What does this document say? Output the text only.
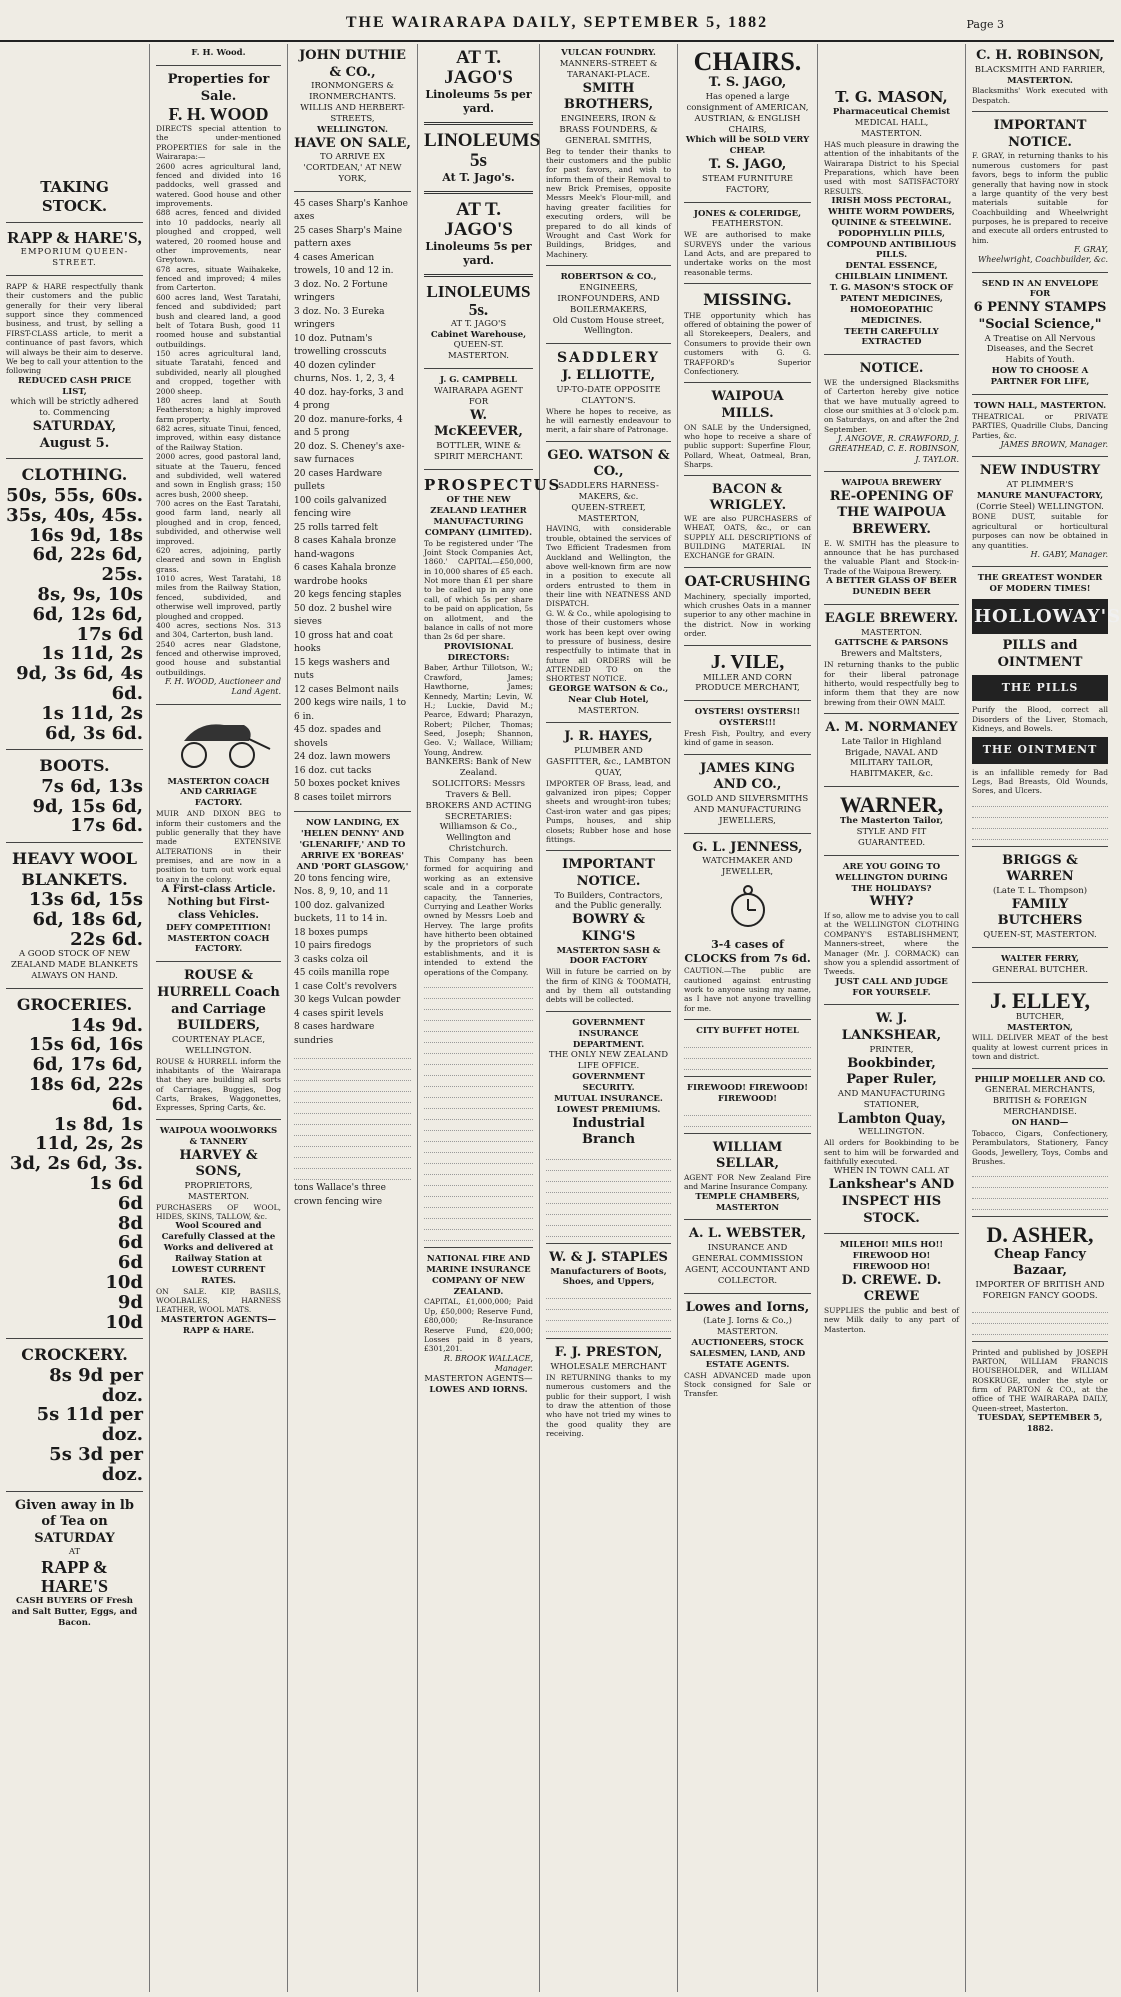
THE WAIRARAPA DAILY, SEPTEMBER 5, 1882	Page 3
TAKING STOCK.
RAPP & HARE'S,
EMPORIUM QUEEN-STREET.
RAPP & HARE respectfully thank their customers and the public generally for their very liberal support since they commenced business, and trust, by selling a FIRST-CLASS article, to merit a continuance of past favors, which will always be their aim to deserve. We beg to call your attention to the following
REDUCED CASH PRICE LIST,
which will be strictly adhered to. Commencing
SATURDAY, August 5.
CLOTHING.
50s, 55s, 60s.
35s, 40s, 45s.
16s 9d, 18s 6d, 22s 6d, 25s.
8s, 9s, 10s 6d, 12s 6d, 17s 6d
1s 11d, 2s 9d, 3s 6d, 4s 6d.
1s 11d, 2s 6d, 3s 6d.
BOOTS.
7s 6d, 13s 9d, 15s 6d, 17s 6d.
HEAVY WOOL BLANKETS.
13s 6d, 15s 6d, 18s 6d, 22s 6d.
A GOOD STOCK OF NEW ZEALAND MADE BLANKETS ALWAYS ON HAND.
GROCERIES.
14s 9d.
15s 6d, 16s 6d, 17s 6d, 18s 6d, 22s 6d.
1s 8d, 1s 11d, 2s, 2s 3d, 2s 6d, 3s.
1s 6d
6d
8d
6d
6d
10d
9d
10d
CROCKERY.
8s 9d per doz.
5s 11d per doz.
5s 3d per doz.
Given away in lb of Tea on SATURDAY
AT
RAPP & HARE'S
CASH BUYERS OF Fresh and Salt Butter, Eggs, and Bacon.
F. H. Wood.
Properties for Sale.
F. H. WOOD
DIRECTS special attention to the under-mentioned PROPERTIES for sale in the Wairarapa:—
2600 acres agricultural land, fenced and divided into 16 paddocks, well grassed and watered. Good house and other improvements.
688 acres, fenced and divided into 10 paddocks, nearly all ploughed and cropped, well watered, 20 roomed house and other improvements, near Greytown.
678 acres, situate Waihakeke, fenced and improved; 4 miles from Carterton.
600 acres land, West Taratahi, fenced and subdivided; part bush and cleared land, a good belt of Totara Bush, good 11 roomed house and substantial outbuildings.
150 acres agricultural land, situate Taratahi, fenced and subdivided, nearly all ploughed and cropped, together with 2000 sheep.
180 acres land at South Featherston; a highly improved farm property.
682 acres, situate Tinui, fenced, improved, within easy distance of the Railway Station.
2000 acres, good pastoral land, situate at the Taueru, fenced and subdivided, well watered and sown in English grass; 150 acres bush, 2000 sheep.
700 acres on the East Taratahi, good farm land, nearly all ploughed and in crop, fenced, subdivided, and otherwise well improved.
620 acres, adjoining, partly cleared and sown in English grass.
1010 acres, West Taratahi, 18 miles from the Railway Station, fenced, subdivided, and otherwise well improved, partly ploughed and cropped.
400 acres, sections Nos. 313 and 304, Carterton, bush land.
2540 acres near Gladstone, fenced and otherwise improved, good house and substantial outbuildings.
F. H. WOOD, Auctioneer and Land Agent.
MASTERTON COACH AND CARRIAGE FACTORY.
MUIR AND DIXON BEG to inform their customers and the public generally that they have made EXTENSIVE ALTERATIONS in their premises, and are now in a position to turn out work equal to any in the colony.
A First-class Article.
Nothing but First-class Vehicles.
DEFY COMPETITION!
MASTERTON COACH FACTORY.
ROUSE & HURRELL Coach and Carriage BUILDERS,
COURTENAY PLACE, WELLINGTON.
ROUSE & HURRELL inform the inhabitants of the Wairarapa that they are building all sorts of Carriages, Buggies, Dog Carts, Brakes, Waggonettes, Expresses, Spring Carts, &c.
WAIPOUA WOOLWORKS & TANNERY
HARVEY & SONS,
PROPRIETORS, MASTERTON.
PURCHASERS OF WOOL, HIDES, SKINS, TALLOW, &c.
Wool Scoured and Carefully Classed at the Works and delivered at Railway Station at LOWEST CURRENT RATES.
ON SALE. KIP, BASILS, WOOLBALES, HARNESS LEATHER, WOOL MATS.
MASTERTON AGENTS—RAPP & HARE.
JOHN DUTHIE & CO.,
IRONMONGERS & IRONMERCHANTS.
WILLIS AND HERBERT-STREETS,
WELLINGTON.
HAVE ON SALE,
TO ARRIVE EX 'CORTDEAN,' AT NEW YORK,
45 cases Sharp's Kanhoe axes
25 cases Sharp's Maine pattern axes
4 cases American trowels, 10 and 12 in.
3 doz. No. 2 Fortune wringers
3 doz. No. 3 Eureka wringers
10 doz. Putnam's trowelling crosscuts
40 dozen cylinder churns, Nos. 1, 2, 3, 4
40 doz. hay-forks, 3 and 4 prong
20 doz. manure-forks, 4 and 5 prong
20 doz. S. Cheney's axe-saw furnaces
20 cases Hardware pullets
100 coils galvanized fencing wire
25 rolls tarred felt
8 cases Kahala bronze hand-wagons
6 cases Kahala bronze wardrobe hooks
20 kegs fencing staples
50 doz. 2 bushel wire sieves
10 gross hat and coat hooks
15 kegs washers and nuts
12 cases Belmont nails
200 kegs wire nails, 1 to 6 in.
45 doz. spades and shovels
24 doz. lawn mowers
16 doz. cut tacks
50 boxes pocket knives
8 cases toilet mirrors
NOW LANDING, EX 'HELEN DENNY' AND 'GLENARIFF,' AND TO ARRIVE EX 'BOREAS' AND 'PORT GLASGOW,'
20 tons fencing wire, Nos. 8, 9, 10, and 11
100 doz. galvanized buckets, 11 to 14 in.
18 boxes pumps
10 pairs firedogs
3 casks colza oil
45 coils manilla rope
1 case Colt's revolvers
30 kegs Vulcan powder
4 cases spirit levels
8 cases hardware sundries
tons Wallace's three crown fencing wire
AT T. JAGO'S
Linoleums 5s per yard.
LINOLEUMS 5s
At T. Jago's.
AT T. JAGO'S
Linoleums 5s per yard.
LINOLEUMS 5s.
AT T. JAGO'S
Cabinet Warehouse,
QUEEN-ST. MASTERTON.
J. G. CAMPBELL
WAIRARAPA AGENT
FOR
W. McKEEVER,
BOTTLER, WINE & SPIRIT MERCHANT.
PROSPECTUS
OF THE NEW ZEALAND LEATHER MANUFACTURING COMPANY (LIMITED).
To be registered under 'The Joint Stock Companies Act, 1860.' CAPITAL—£50,000, in 10,000 shares of £5 each. Not more than £1 per share to be called up in any one call, of which 5s per share to be paid on application, 5s on allotment, and the balance in calls of not more than 2s 6d per share.
PROVISIONAL DIRECTORS:
Baber, Arthur Tillotson, W.; Crawford, James; Hawthorne, James; Kennedy, Martin; Levin, W. H.; Luckie, David M.; Pearce, Edward; Pharazyn, Robert; Pilcher, Thomas; Seed, Joseph; Shannon, Geo. V.; Wallace, William; Young, Andrew.
BANKERS: Bank of New Zealand.
SOLICITORS: Messrs Travers & Bell.
BROKERS AND ACTING SECRETARIES: Williamson & Co., Wellington and Christchurch.
This Company has been formed for acquiring and working as an extensive scale and in a corporate capacity, the Tanneries, Currying and Leather Works owned by Messrs Loeb and Hervey. The large profits have hitherto been obtained by the proprietors of such establishments, and it is intended to extend the operations of the Company.
NATIONAL FIRE AND MARINE INSURANCE COMPANY OF NEW ZEALAND.
CAPITAL, £1,000,000; Paid Up, £50,000; Reserve Fund, £80,000; Re-Insurance Reserve Fund, £20,000; Losses paid in 8 years, £301,201.
R. BROOK WALLACE, Manager.
MASTERTON AGENTS—
LOWES AND IORNS.
VULCAN FOUNDRY.
MANNERS-STREET & TARANAKI-PLACE.
SMITH BROTHERS,
ENGINEERS, IRON & BRASS FOUNDERS, & GENERAL SMITHS,
Beg to tender their thanks to their customers and the public for past favors, and wish to inform them of their Removal to new Brick Premises, opposite Messrs Meek's Flour-mill, and having greater facilities for executing orders, will be prepared to do all kinds of Wrought and Cast Work for Buildings, Bridges, and Machinery.
ROBERTSON & CO.,
ENGINEERS, IRONFOUNDERS, AND BOILERMAKERS,
Old Custom House street, Wellington.
SADDLERY
J. ELLIOTTE,
UP-TO-DATE OPPOSITE CLAYTON'S.
Where he hopes to receive, as he will earnestly endeavour to merit, a fair share of Patronage.
GEO. WATSON & CO.,
SADDLERS HARNESS-MAKERS, &c.
QUEEN-STREET, MASTERTON,
HAVING, with considerable trouble, obtained the services of Two Efficient Tradesmen from Auckland and Wellington, the above well-known firm are now in a position to execute all orders entrusted to them in their line with NEATNESS AND DISPATCH.
G. W. & Co., while apologising to those of their customers whose work has been kept over owing to pressure of business, desire respectfully to intimate that in future all ORDERS will be ATTENDED TO on the SHORTEST NOTICE.
GEORGE WATSON & Co., Near Club Hotel,
MASTERTON.
J. R. HAYES,
PLUMBER AND GASFITTER, &c., LAMBTON QUAY,
IMPORTER OF Brass, lead, and galvanized iron pipes; Copper sheets and wrought-iron tubes; Cast-iron water and gas pipes; Pumps, houses, and ship closets; Rubber hose and hose fittings.
IMPORTANT NOTICE.
To Builders, Contractors, and the Public generally.
BOWRY & KING'S
MASTERTON SASH & DOOR FACTORY
Will in future be carried on by the firm of KING & TOOMATH, and by them all outstanding debts will be collected.
GOVERNMENT INSURANCE DEPARTMENT.
THE ONLY NEW ZEALAND LIFE OFFICE.
GOVERNMENT SECURITY.
MUTUAL INSURANCE.
LOWEST PREMIUMS.
Industrial Branch
W. & J. STAPLES
Manufacturers of Boots, Shoes, and Uppers,
F. J. PRESTON,
WHOLESALE MERCHANT
IN RETURNING thanks to my numerous customers and the public for their support, I wish to draw the attention of those who have not tried my wines to the good quality they are receiving.
CHAIRS.
T. S. JAGO,
Has opened a large consignment of AMERICAN, AUSTRIAN, & ENGLISH CHAIRS,
Which will be SOLD VERY CHEAP.
T. S. JAGO,
STEAM FURNITURE FACTORY,
JONES & COLERIDGE,
FEATHERSTON.
WE are authorised to make SURVEYS under the various Land Acts, and are prepared to undertake works on the most reasonable terms.
MISSING.
THE opportunity which has offered of obtaining the power of all Storekeepers, Dealers, and Consumers to provide their own customers with G. G. TRAFFORD's Superior Confectionery.
WAIPOUA
MILLS.
ON SALE by the Undersigned, who hope to receive a share of public support: Superfine Flour, Pollard, Wheat, Oatmeal, Bran, Sharps.
BACON & WRIGLEY.
WE are also PURCHASERS of WHEAT, OATS, &c., or can SUPPLY ALL DESCRIPTIONS of BUILDING MATERIAL IN EXCHANGE for GRAIN.
OAT-CRUSHING
Machinery, specially imported, which crushes Oats in a manner superior to any other machine in the district. Now in working order.
J. VILE,
MILLER AND CORN PRODUCE MERCHANT,
OYSTERS! OYSTERS!! OYSTERS!!!
Fresh Fish, Poultry, and every kind of game in season.
JAMES KING AND CO.,
GOLD AND SILVERSMITHS AND MANUFACTURING JEWELLERS,
G. L. JENNESS,
WATCHMAKER AND JEWELLER,
3-4 cases of CLOCKS from 7s 6d.
CAUTION.—The public are cautioned against entrusting work to anyone using my name, as I have not anyone travelling for me.
CITY BUFFET HOTEL
FIREWOOD! FIREWOOD! FIREWOOD!
WILLIAM SELLAR,
AGENT FOR New Zealand Fire and Marine Insurance Company.
TEMPLE CHAMBERS, MASTERTON
A. L. WEBSTER,
INSURANCE AND GENERAL COMMISSION AGENT, ACCOUNTANT AND COLLECTOR.
Lowes and Iorns,
(Late J. Iorns & Co.,) MASTERTON.
AUCTIONEERS, STOCK SALESMEN, LAND, AND ESTATE AGENTS.
CASH ADVANCED made upon Stock consigned for Sale or Transfer.
T. G. MASON,
Pharmaceutical Chemist
MEDICAL HALL, MASTERTON.
HAS much pleasure in drawing the attention of the inhabitants of the Wairarapa District to his Special Preparations, which have been used with most SATISFACTORY RESULTS.
IRISH MOSS PECTORAL,
WHITE WORM POWDERS,
QUININE & STEELWINE.
PODOPHYLLIN PILLS, COMPOUND ANTIBILIOUS PILLS.
DENTAL ESSENCE,
CHILBLAIN LINIMENT.
T. G. MASON'S STOCK OF PATENT MEDICINES,
HOMOEOPATHIC MEDICINES.
TEETH CAREFULLY EXTRACTED
NOTICE.
WE the undersigned Blacksmiths of Carterton hereby give notice that we have mutually agreed to close our smithies at 3 o'clock p.m. on Saturdays, on and after the 2nd September.
J. ANGOVE, R. CRAWFORD, J. GREATHEAD, C. E. ROBINSON, J. TAYLOR.
WAIPOUA BREWERY
RE-OPENING OF THE WAIPOUA BREWERY.
E. W. SMITH has the pleasure to announce that he has purchased the valuable Plant and Stock-in-Trade of the Waipoua Brewery.
A BETTER GLASS OF BEER
DUNEDIN BEER
EAGLE BREWERY.
MASTERTON.
GATTSCHE & PARSONS
Brewers and Maltsters,
IN returning thanks to the public for their liberal patronage hitherto, would respectfully beg to inform them that they are now brewing from their OWN MALT.
A. M. NORMANEY
Late Tailor in Highland Brigade, NAVAL AND MILITARY TAILOR, HABITMAKER, &c.
WARNER,
The Masterton Tailor,
STYLE AND FIT GUARANTEED.
ARE YOU GOING TO WELLINGTON DURING THE HOLIDAYS?
WHY?
If so, allow me to advise you to call at the WELLINGTON CLOTHING COMPANY'S ESTABLISHMENT, Manners-street, where the Manager (Mr. J. CORMACK) can show you a splendid assortment of Tweeds.
JUST CALL AND JUDGE FOR YOURSELF.
W. J. LANKSHEAR,
PRINTER,
Bookbinder, Paper Ruler,
AND MANUFACTURING STATIONER,
Lambton Quay,
WELLINGTON.
All orders for Bookbinding to be sent to him will be forwarded and faithfully executed.
WHEN IN TOWN CALL AT
Lankshear's AND INSPECT HIS STOCK.
MILEHOI! MILS HO!!
FIREWOOD HO! FIREWOOD HO!
D. CREWE. D. CREWE
SUPPLIES the public and best of new Milk daily to any part of Masterton.
C. H. ROBINSON,
BLACKSMITH AND FARRIER,
MASTERTON.
Blacksmiths' Work executed with Despatch.
IMPORTANT NOTICE.
F. GRAY, in returning thanks to his numerous customers for past favors, begs to inform the public generally that having now in stock a large quantity of the very best materials suitable for Coachbuilding and Wheelwright purposes, he is prepared to receive and execute all orders entrusted to him.
F. GRAY,
Wheelwright, Coachbuilder, &c.
SEND IN AN ENVELOPE FOR
6 PENNY STAMPS
"Social Science,"
A Treatise on All Nervous Diseases, and the Secret Habits of Youth.
HOW TO CHOOSE A PARTNER FOR LIFE,
TOWN HALL, MASTERTON.
THEATRICAL or PRIVATE PARTIES, Quadrille Clubs, Dancing Parties, &c.
JAMES BROWN, Manager.
NEW INDUSTRY
AT PLIMMER'S
MANURE MANUFACTORY,
(Corrie Steel) WELLINGTON.
BONE DUST, suitable for agricultural or horticultural purposes can now be obtained in any quantities.
H. GABY, Manager.
THE GREATEST WONDER OF MODERN TIMES!
HOLLOWAY'S
PILLS and OINTMENT
THE PILLS
Purify the Blood, correct all Disorders of the Liver, Stomach, Kidneys, and Bowels.
THE OINTMENT
is an infallible remedy for Bad Legs, Bad Breasts, Old Wounds, Sores, and Ulcers.
BRIGGS & WARREN
(Late T. L. Thompson)
FAMILY BUTCHERS
QUEEN-ST, MASTERTON.
WALTER FERRY,
GENERAL BUTCHER.
J. ELLEY,
BUTCHER,
MASTERTON,
WILL DELIVER MEAT of the best quality at lowest current prices in town and district.
PHILIP MOELLER AND CO.
GENERAL MERCHANTS, BRITISH & FOREIGN MERCHANDISE.
ON HAND—
Tobacco, Cigars, Confectionery, Perambulators, Stationery, Fancy Goods, Jewellery, Toys, Combs and Brushes.
D. ASHER,
Cheap Fancy Bazaar,
IMPORTER OF BRITISH AND FOREIGN FANCY GOODS.
Printed and published by JOSEPH PARTON, WILLIAM FRANCIS HOUSEHOLDER, and WILLIAM ROSKRUGE, under the style or firm of PARTON & CO., at the office of THE WAIRARAPA DAILY, Queen-street, Masterton.
TUESDAY, SEPTEMBER 5, 1882.
